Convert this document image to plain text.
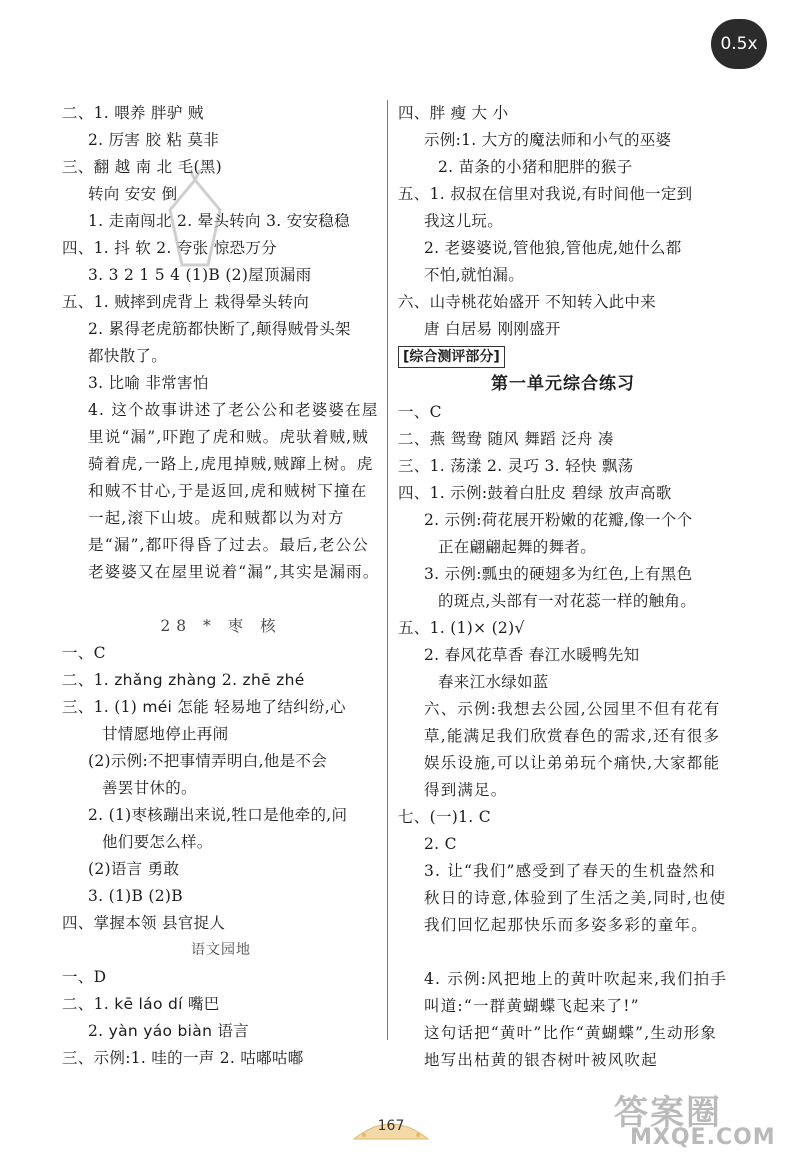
0.5x
二、1. 喂养 胖驴 贼
2. 厉害 胶 粘 莫非
三、翻 越 南 北 毛(黑)
转向 安安 倒
1. 走南闯北 2. 晕头转向 3. 安安稳稳
四、1. 抖 软 2. 夸张 惊恐万分
3. 3 2 1 5 4 (1)B (2)屋顶漏雨
五、1. 贼摔到虎背上 栽得晕头转向
2. 累得老虎筋都快断了,颠得贼骨头架
都快散了。
3. 比喻 非常害怕
4. 这个故事讲述了老公公和老婆婆在屋里说“漏”,吓跑了虎和贼。虎驮着贼,贼骑着虎,一路上,虎甩掉贼,贼蹿上树。虎和贼不甘心,于是返回,虎和贼树下撞在一起,滚下山坡。虎和贼都以为对方是“漏”,都吓得昏了过去。最后,老公公老婆婆又在屋里说着“漏”,其实是漏雨。
28 * 枣 核
一、C
二、1. zhǎng zhàng 2. zhē zhé
三、1. (1) méi 怎能 轻易地了结纠纷,心
甘情愿地停止再闹
(2)示例:不把事情弄明白,他是不会
善罢甘休的。
2. (1)枣核蹦出来说,牲口是他牵的,问
他们要怎么样。
(2)语言 勇敢
3. (1)B (2)B
四、掌握本领 县官捉人
语文园地
一、D
二、1. kē láo dí 嘴巴
2. yàn yáo biàn 语言
三、示例:1. 哇的一声 2. 咕嘟咕嘟
四、胖 瘦 大 小
示例:1. 大方的魔法师和小气的巫婆
2. 苗条的小猪和肥胖的猴子
五、1. 叔叔在信里对我说,有时间他一定到
我这儿玩。
2. 老婆婆说,管他狼,管他虎,她什么都
不怕,就怕漏。
六、山寺桃花始盛开 不知转入此中来
唐 白居易 刚刚盛开
[综合测评部分]
第一单元综合练习
一、C
二、燕 鸳鸯 随风 舞蹈 泛舟 凑
三、1. 荡漾 2. 灵巧 3. 轻快 飘荡
四、1. 示例:鼓着白肚皮 碧绿 放声高歌
2. 示例:荷花展开粉嫩的花瓣,像一个个
正在翩翩起舞的舞者。
3. 示例:瓢虫的硬翅多为红色,上有黑色
的斑点,头部有一对花蕊一样的触角。
五、1. (1)× (2)√
2. 春风花草香 春江水暖鸭先知
春来江水绿如蓝
六、示例:我想去公园,公园里不但有花有草,能满足我们欣赏春色的需求,还有很多娱乐设施,可以让弟弟玩个痛快,大家都能得到满足。
七、(一)1. C
2. C
3. 让“我们”感受到了春天的生机盎然和秋日的诗意,体验到了生活之美,同时,也使我们回忆起那快乐而多姿多彩的童年。
4. 示例:风把地上的黄叶吹起来,我们拍手叫道:“一群黄蝴蝶飞起来了!”
这句话把“黄叶”比作“黄蝴蝶”,生动形象地写出枯黄的银杏树叶被风吹起
167	答案圈
MXQE.COM
